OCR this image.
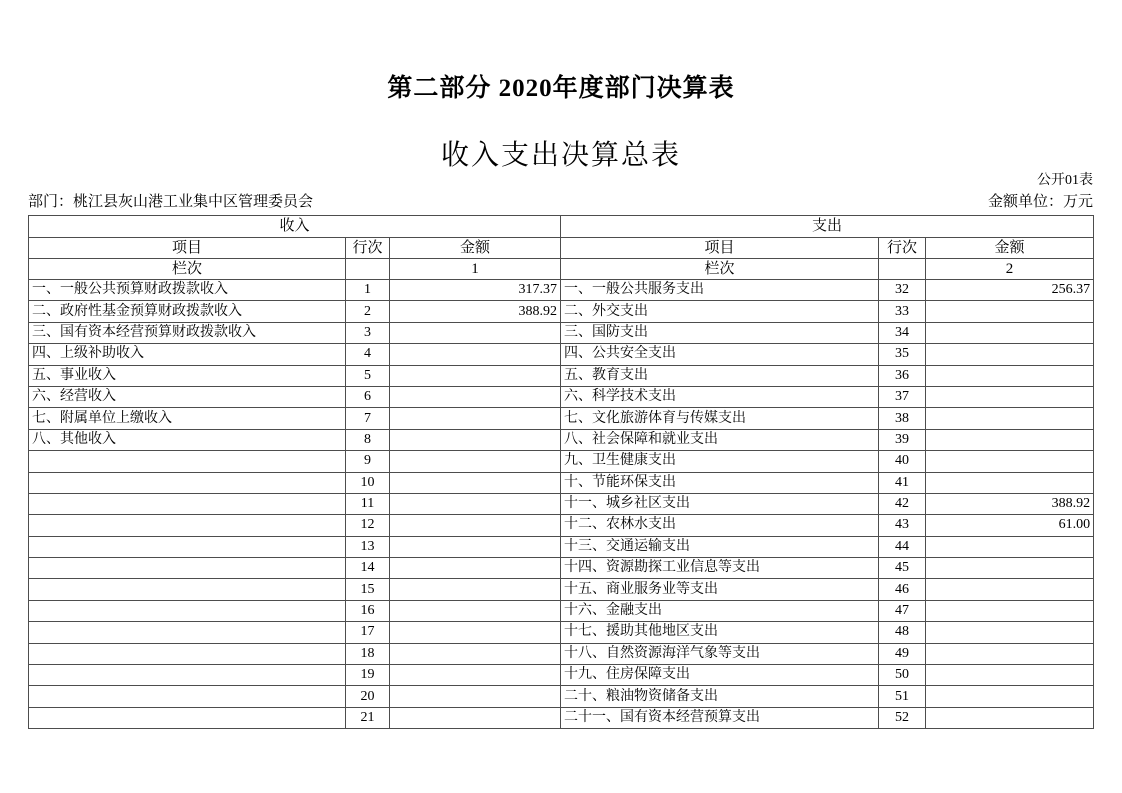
第二部分 2020年度部门决算表
收入支出决算总表
公开01表
部门：桃江县灰山港工业集中区管理委员会	金额单位：万元
收入			支出		
项目	行次	金额	项目	行次	金额
栏次		1	栏次		2
一、一般公共预算财政拨款收入	1	317.37	一、一般公共服务支出	32	256.37
二、政府性基金预算财政拨款收入	2	388.92	二、外交支出	33	
三、国有资本经营预算财政拨款收入	3		三、国防支出	34	
四、上级补助收入	4		四、公共安全支出	35	
五、事业收入	5		五、教育支出	36	
六、经营收入	6		六、科学技术支出	37	
七、附属单位上缴收入	7		七、文化旅游体育与传媒支出	38	
八、其他收入	8		八、社会保障和就业支出	39	
	9		九、卫生健康支出	40	
	10		十、节能环保支出	41	
	11		十一、城乡社区支出	42	388.92
	12		十二、农林水支出	43	61.00
	13		十三、交通运输支出	44	
	14		十四、资源勘探工业信息等支出	45	
	15		十五、商业服务业等支出	46	
	16		十六、金融支出	47	
	17		十七、援助其他地区支出	48	
	18		十八、自然资源海洋气象等支出	49	
	19		十九、住房保障支出	50	
	20		二十、粮油物资储备支出	51	
	21		二十一、国有资本经营预算支出	52	
